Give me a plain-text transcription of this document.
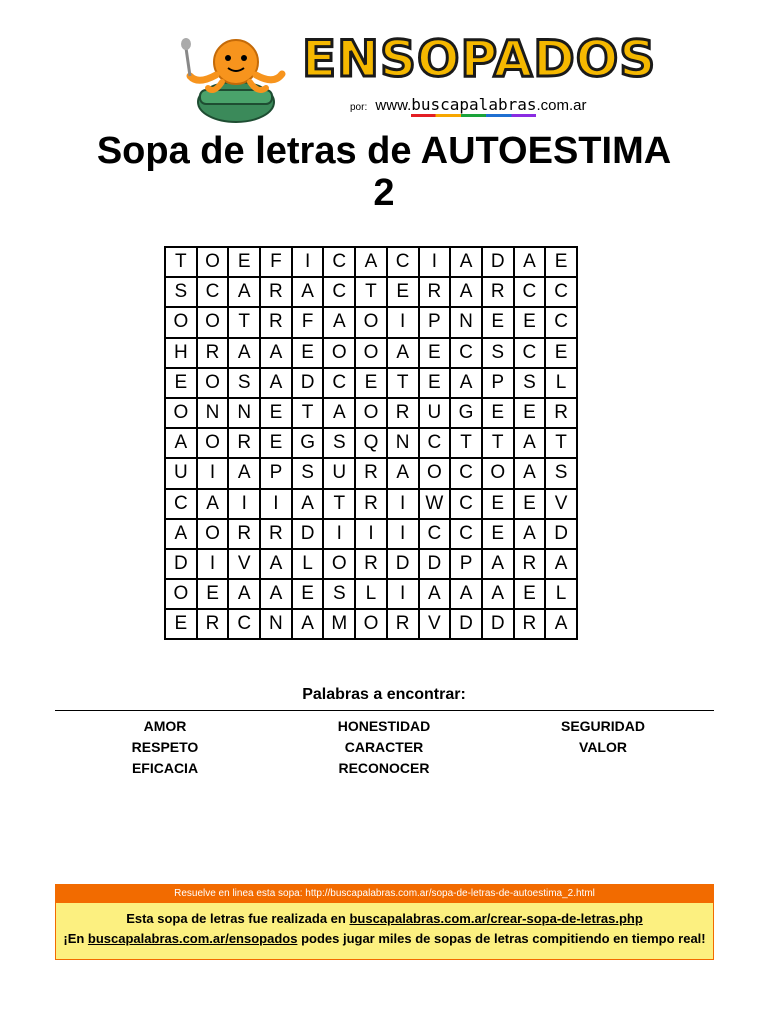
ENSOPADOS
por: www.buscapalabras.com.ar
Sopa de letras de AUTOESTIMA
2
T	O	E	F	I	C	A	C	I	A	D	A	E
S	C	A	R	A	C	T	E	R	A	R	C	C
O	O	T	R	F	A	O	I	P	N	E	E	C
H	R	A	A	E	O	O	A	E	C	S	C	E
E	O	S	A	D	C	E	T	E	A	P	S	L
O	N	N	E	T	A	O	R	U	G	E	E	R
A	O	R	E	G	S	Q	N	C	T	T	A	T
U	I	A	P	S	U	R	A	O	C	O	A	S
C	A	I	I	A	T	R	I	W	C	E	E	V
A	O	R	R	D	I	I	I	C	C	E	A	D
D	I	V	A	L	O	R	D	D	P	A	R	A
O	E	A	A	E	S	L	I	A	A	A	E	L
E	R	C	N	A	M	O	R	V	D	D	R	A
Palabras a encontrar:
AMOR
RESPETO
EFICACIA
HONESTIDAD
CARACTER
RECONOCER
SEGURIDAD
VALOR
Resuelve en linea esta sopa: http://buscapalabras.com.ar/sopa-de-letras-de-autoestima_2.html
Esta sopa de letras fue realizada en buscapalabras.com.ar/crear-sopa-de-letras.php
¡En buscapalabras.com.ar/ensopados podes jugar miles de sopas de letras compitiendo en tiempo real!
